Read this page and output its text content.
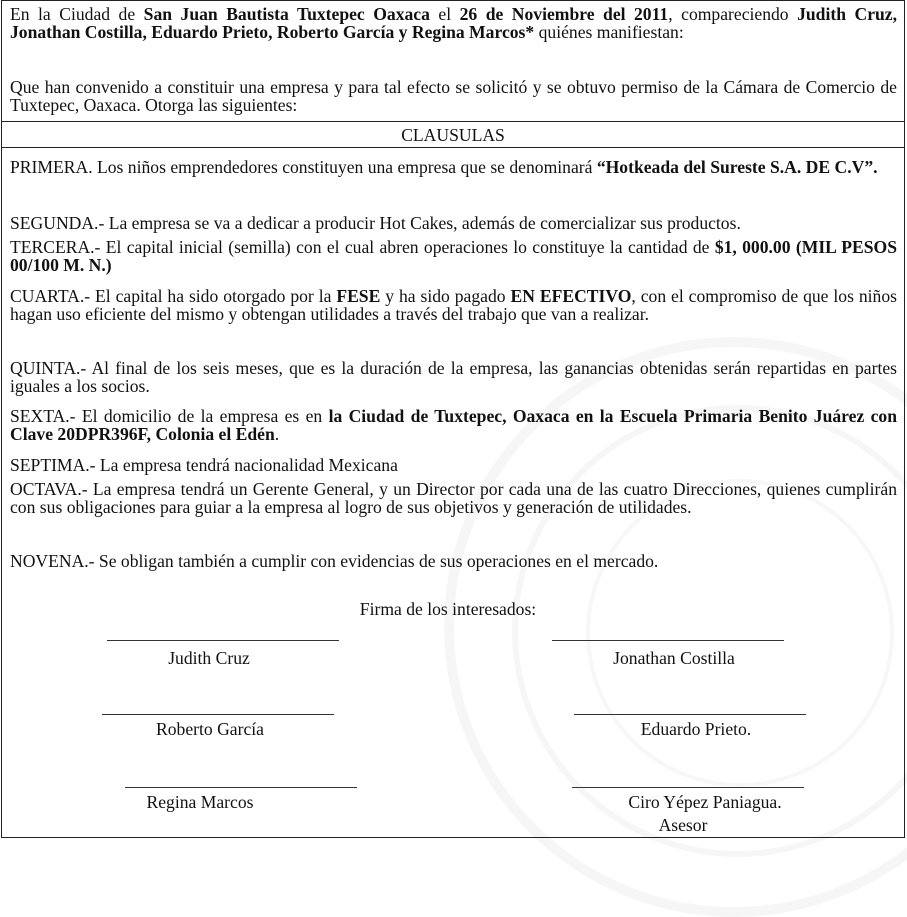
En la Ciudad de San Juan Bautista Tuxtepec Oaxaca el 26 de Noviembre del 2011, compareciendo Judith Cruz, Jonathan Costilla, Eduardo Prieto, Roberto García y Regina Marcos* quiénes manifiestan:
Que han convenido a constituir una empresa y para tal efecto se solicitó y se obtuvo permiso de la Cámara de Comercio de Tuxtepec, Oaxaca. Otorga las siguientes:
CLAUSULAS
PRIMERA. Los niños emprendedores constituyen una empresa que se denominará “Hotkeada del Sureste S.A. DE C.V”.
SEGUNDA.- La empresa se va a dedicar a producir Hot Cakes, además de comercializar sus productos.
TERCERA.- El capital inicial (semilla) con el cual abren operaciones lo constituye la cantidad de $1, 000.00 (MIL PESOS 00/100 M. N.)
CUARTA.- El capital ha sido otorgado por la FESE y ha sido pagado EN EFECTIVO, con el compromiso de que los niños hagan uso eficiente del mismo y obtengan utilidades a través del trabajo que van a realizar.
QUINTA.- Al final de los seis meses, que es la duración de la empresa, las ganancias obtenidas serán repartidas en partes iguales a los socios.
SEXTA.- El domicilio de la empresa es en la Ciudad de Tuxtepec, Oaxaca en la Escuela Primaria Benito Juárez con Clave 20DPR396F, Colonia el Edén.
SEPTIMA.- La empresa tendrá nacionalidad Mexicana
OCTAVA.- La empresa tendrá un Gerente General, y un Director por cada una de las cuatro Direcciones, quienes cumplirán con sus obligaciones para guiar a la empresa al logro de sus objetivos y generación de utilidades.
NOVENA.- Se obligan también a cumplir con evidencias de sus operaciones en el mercado.
Firma de los interesados:
Judith Cruz	Jonathan Costilla
Roberto García	Eduardo Prieto.
Regina Marcos	Ciro Yépez Paniagua.
Asesor
